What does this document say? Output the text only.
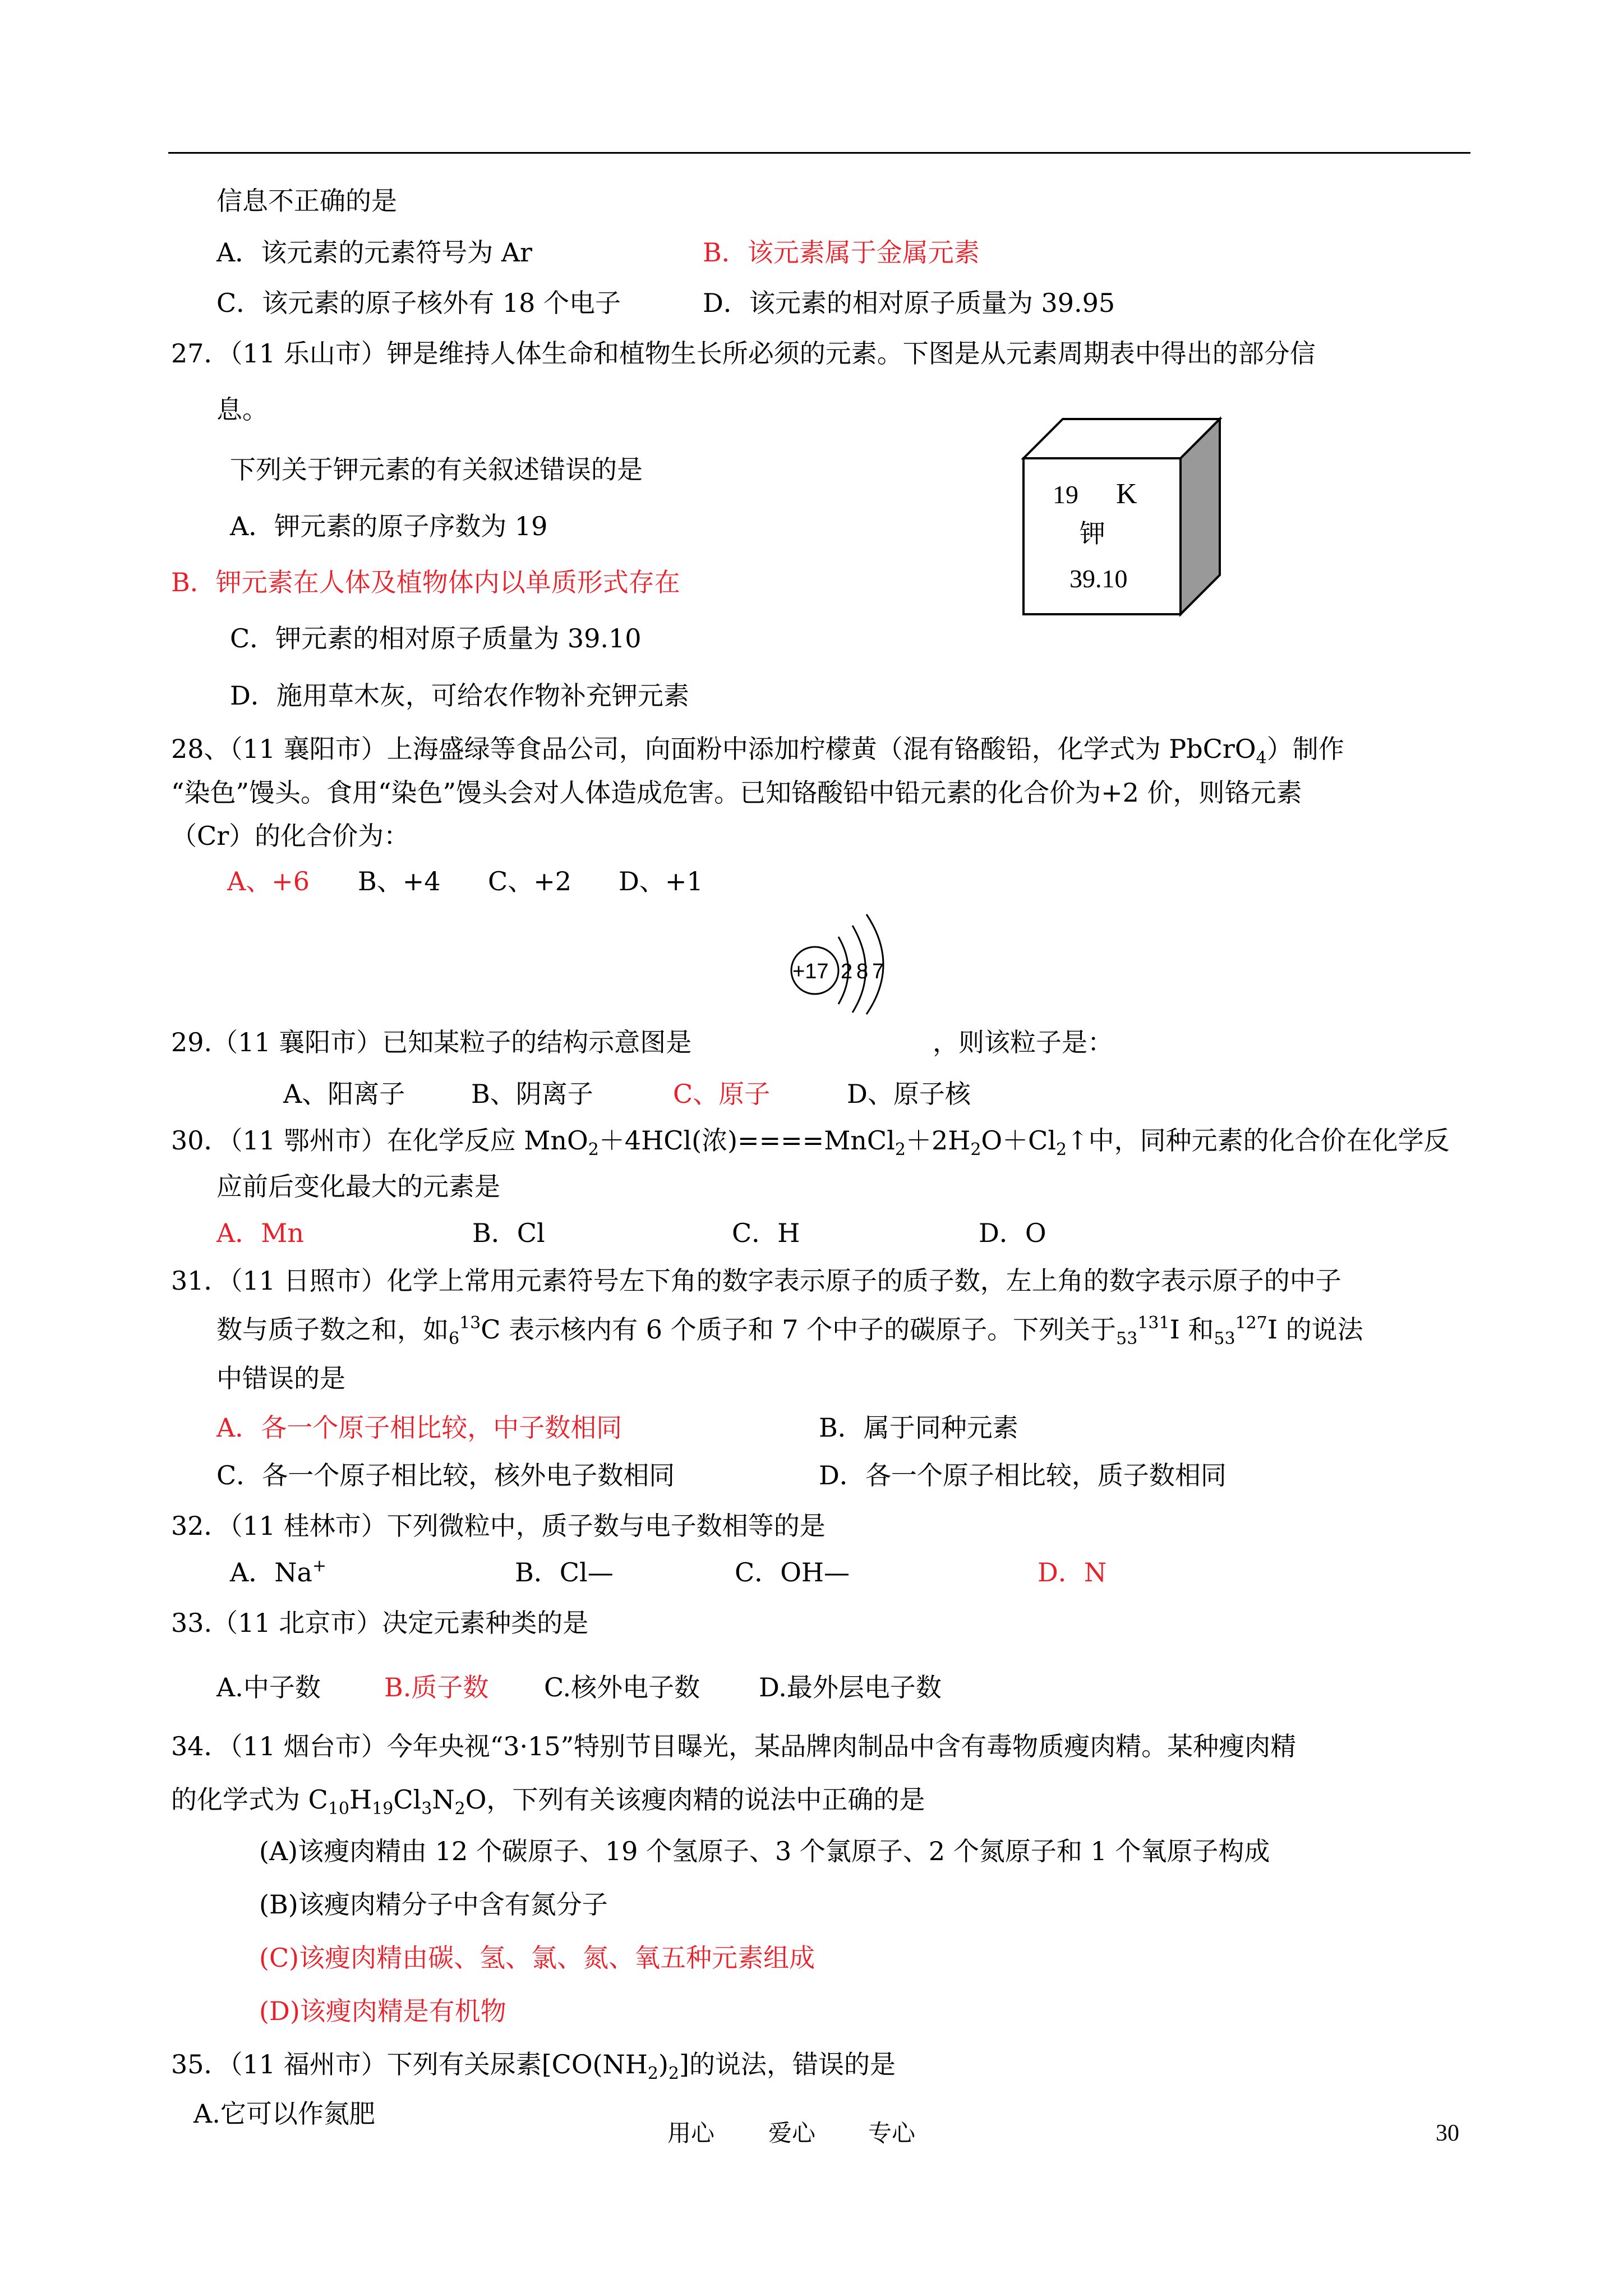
信息不正确的是
A．该元素的元素符号为 Ar	B．该元素属于金属元素
C．该元素的原子核外有 18 个电子	D．该元素的相对原子质量为 39.95
27．（11 乐山市）钾是维持人体生命和植物生长所必须的元素。下图是从元素周期表中得出的部分信
息。
下列关于钾元素的有关叙述错误的是
A．钾元素的原子序数为 19
B．钾元素在人体及植物体内以单质形式存在
C．钾元素的相对原子质量为 39.10
D．施用草木灰，可给农作物补充钾元素
19 K
钾
39.10
28、（11 襄阳市）上海盛绿等食品公司，向面粉中添加柠檬黄（混有铬酸铅，化学式为 PbCrO$_4$）制作
“染色”馒头。食用“染色”馒头会对人体造成危害。已知铬酸铅中铅元素的化合价为+2 价，则铬元素
（Cr）的化合价为：
A、+6 B、+4 C、+2 D、+1
+17 2 8 7
29.（11 襄阳市）已知某粒子的结构示意图是	，则该粒子是：
A、阳离子	B、阴离子	C、原子	D、原子核
30．（11 鄂州市）在化学反应 MnO$_2$＋4HCl(浓)$====MnCl_2+2H_2O+Cl_2↑$中，同种元素的化合价在化学反
应前后变化最大的元素是
A．Mn	B．Cl	C．H	D．O
31．（11 日照市）化学上常用元素符号左下角的数字表示原子的质子数，左上角的数字表示原子的中子
数与质子数之和，如$_6^{13}$C 表示核内有 6 个质子和 7 个中子的碳原子。下列关于$_{53}^{131}$I 和$_{53}^{127}$I 的说法
中错误的是
A．各一个原子相比较，中子数相同	B．属于同种元素
C．各一个原子相比较，核外电子数相同	D．各一个原子相比较，质子数相同
32．（11 桂林市）下列微粒中，质子数与电子数相等的是
A．Na+	B．Cl—	C．OH—	D．N
33.（11 北京市）决定元素种类的是
A.中子数 B.质子数 C.核外电子数 D.最外层电子数
34．（11 烟台市）今年央视“3·15”特别节目曝光，某品牌肉制品中含有毒物质瘦肉精。某种瘦肉精
的化学式为 $C_{10}H_{19}Cl_3N_2O$，下列有关该瘦肉精的说法中正确的是
(A)该瘦肉精由 12 个碳原子、19 个氢原子、3 个氯原子、2 个氮原子和 1 个氧原子构成
(B)该瘦肉精分子中含有氮分子
(C)该瘦肉精由碳、氢、氯、氮、氧五种元素组成
(D)该瘦肉精是有机物
35．（11 福州市）下列有关尿素$[CO(NH_2)_2]$的说法，错误的是
A.它可以作氮肥
用心 爱心 专心	30
